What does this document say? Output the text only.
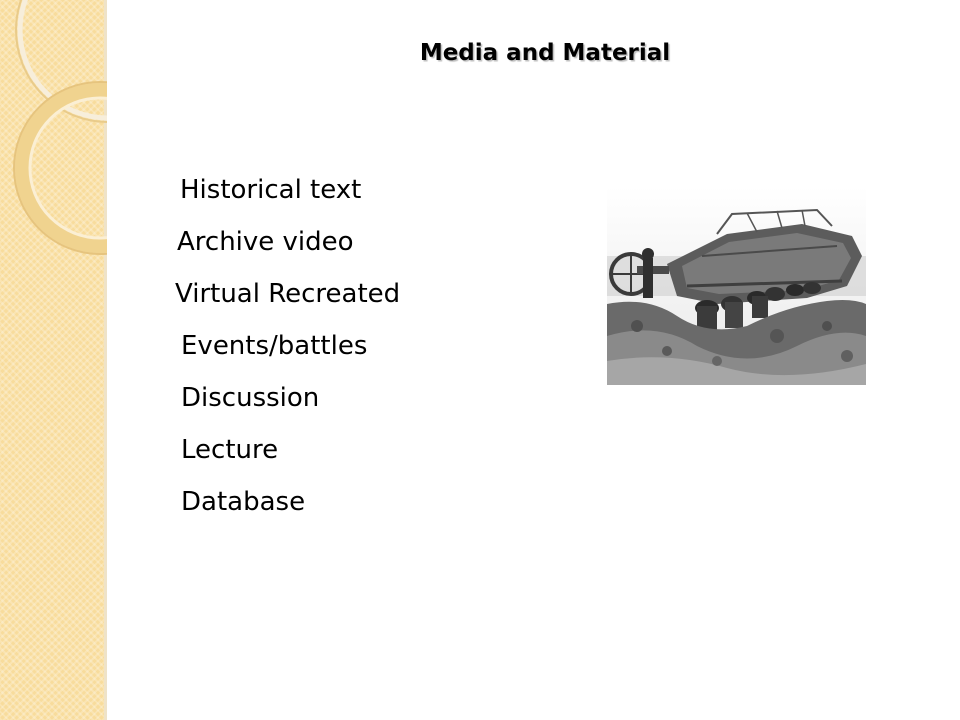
Media and Material
Historical text
Archive video
Virtual Recreated
Events/battles
Discussion
Lecture
Database
